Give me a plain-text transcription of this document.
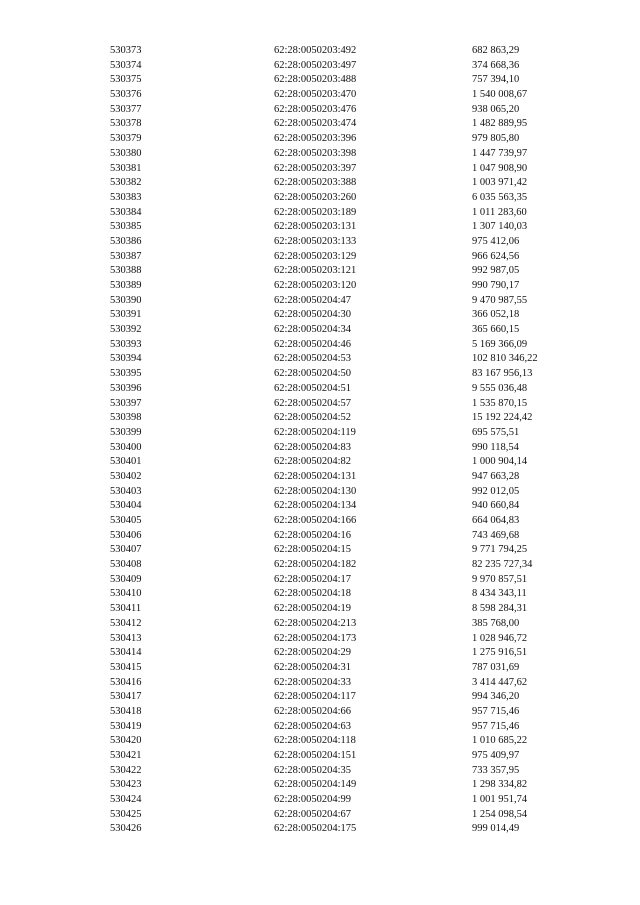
530373	62:28:0050203:492	682 863,29
530374	62:28:0050203:497	374 668,36
530375	62:28:0050203:488	757 394,10
530376	62:28:0050203:470	1 540 008,67
530377	62:28:0050203:476	938 065,20
530378	62:28:0050203:474	1 482 889,95
530379	62:28:0050203:396	979 805,80
530380	62:28:0050203:398	1 447 739,97
530381	62:28:0050203:397	1 047 908,90
530382	62:28:0050203:388	1 003 971,42
530383	62:28:0050203:260	6 035 563,35
530384	62:28:0050203:189	1 011 283,60
530385	62:28:0050203:131	1 307 140,03
530386	62:28:0050203:133	975 412,06
530387	62:28:0050203:129	966 624,56
530388	62:28:0050203:121	992 987,05
530389	62:28:0050203:120	990 790,17
530390	62:28:0050204:47	9 470 987,55
530391	62:28:0050204:30	366 052,18
530392	62:28:0050204:34	365 660,15
530393	62:28:0050204:46	5 169 366,09
530394	62:28:0050204:53	102 810 346,22
530395	62:28:0050204:50	83 167 956,13
530396	62:28:0050204:51	9 555 036,48
530397	62:28:0050204:57	1 535 870,15
530398	62:28:0050204:52	15 192 224,42
530399	62:28:0050204:119	695 575,51
530400	62:28:0050204:83	990 118,54
530401	62:28:0050204:82	1 000 904,14
530402	62:28:0050204:131	947 663,28
530403	62:28:0050204:130	992 012,05
530404	62:28:0050204:134	940 660,84
530405	62:28:0050204:166	664 064,83
530406	62:28:0050204:16	743 469,68
530407	62:28:0050204:15	9 771 794,25
530408	62:28:0050204:182	82 235 727,34
530409	62:28:0050204:17	9 970 857,51
530410	62:28:0050204:18	8 434 343,11
530411	62:28:0050204:19	8 598 284,31
530412	62:28:0050204:213	385 768,00
530413	62:28:0050204:173	1 028 946,72
530414	62:28:0050204:29	1 275 916,51
530415	62:28:0050204:31	787 031,69
530416	62:28:0050204:33	3 414 447,62
530417	62:28:0050204:117	994 346,20
530418	62:28:0050204:66	957 715,46
530419	62:28:0050204:63	957 715,46
530420	62:28:0050204:118	1 010 685,22
530421	62:28:0050204:151	975 409,97
530422	62:28:0050204:35	733 357,95
530423	62:28:0050204:149	1 298 334,82
530424	62:28:0050204:99	1 001 951,74
530425	62:28:0050204:67	1 254 098,54
530426	62:28:0050204:175	999 014,49
